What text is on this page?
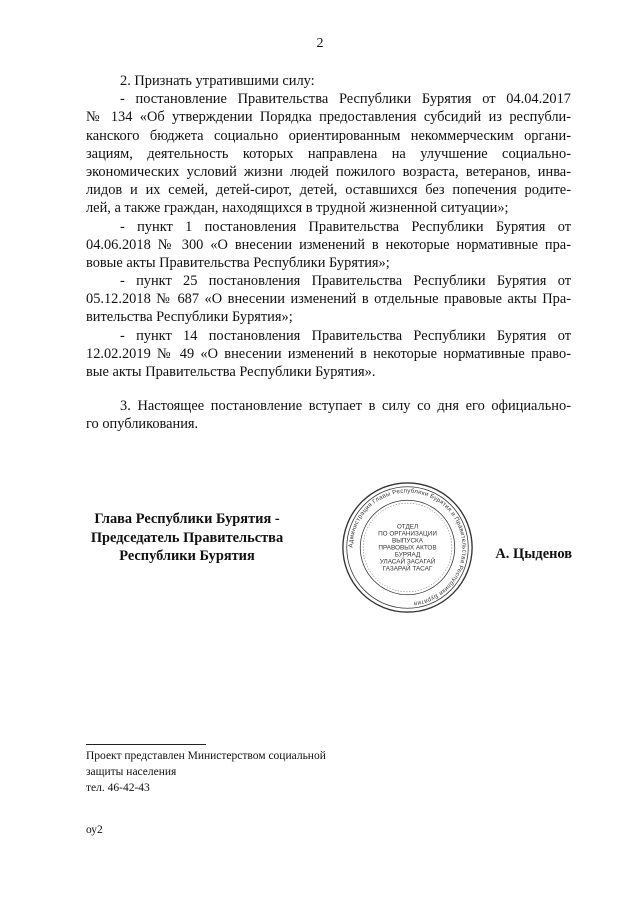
2
2. Признать утратившими силу:
- постановление Правительства Республики Бурятия от 04.04.2017
№ 134 «Об утверждении Порядка предоставления субсидий из республи-
канского бюджета социально ориентированным некоммерческим органи-
зациям, деятельность которых направлена на улучшение социально-
экономических условий жизни людей пожилого возраста, ветеранов, инва-
лидов и их семей, детей-сирот, детей, оставшихся без попечения родите-
лей, а также граждан, находящихся в трудной жизненной ситуации»;
- пункт 1 постановления Правительства Республики Бурятия от
04.06.2018 № 300 «О внесении изменений в некоторые нормативные пра-
вовые акты Правительства Республики Бурятия»;
- пункт 25 постановления Правительства Республики Бурятия от
05.12.2018 № 687 «О внесении изменений в отдельные правовые акты Пра-
вительства Республики Бурятия»;
- пункт 14 постановления Правительства Республики Бурятия от
12.02.2019 № 49 «О внесении изменений в некоторые нормативные право-
вые акты Правительства Республики Бурятия».
3. Настоящее постановление вступает в силу со дня его официально-
го опубликования.
Глава Республики Бурятия -
Председатель Правительства
Республики Бурятия
Администрация Главы Республики Бурятия и Правительства Республики Бурятия
ОТДЕЛ
ПО ОРГАНИЗАЦИИ
ВЫПУСКА
ПРАВОВЫХ АКТОВ
БУРЯАД
УЛАСАЙ ЗАСАГАЙ
ГАЗАРАЙ ТАСАГ
А. Цыденов
Проект представлен Министерством социальной
защиты населения
тел. 46-42-43
оу2
